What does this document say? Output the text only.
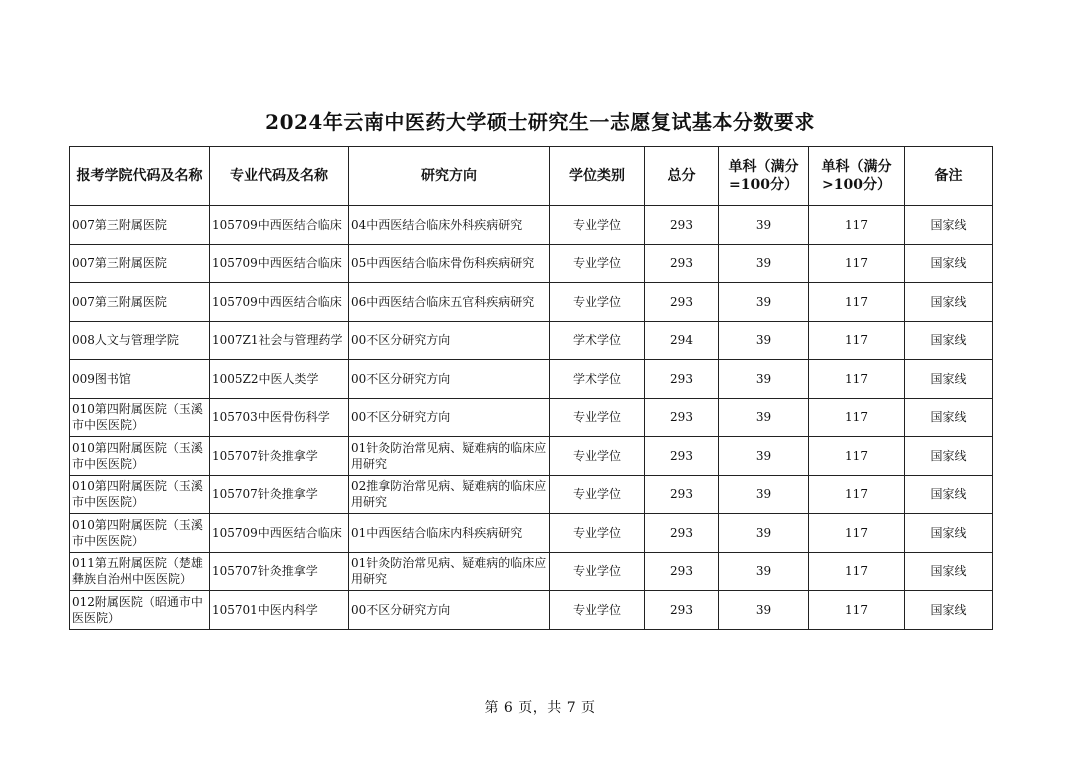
2024年云南中医药大学硕士研究生一志愿复试基本分数要求
报考学院代码及名称	专业代码及名称	研究方向	学位类别	总分	单科（满分=100分）	单科（满分>100分）	备注
007第三附属医院	105709中西医结合临床	04中西医结合临床外科疾病研究	专业学位	293	39	117	国家线
007第三附属医院	105709中西医结合临床	05中西医结合临床骨伤科疾病研究	专业学位	293	39	117	国家线
007第三附属医院	105709中西医结合临床	06中西医结合临床五官科疾病研究	专业学位	293	39	117	国家线
008人文与管理学院	1007Z1社会与管理药学	00不区分研究方向	学术学位	294	39	117	国家线
009图书馆	1005Z2中医人类学	00不区分研究方向	学术学位	293	39	117	国家线
010第四附属医院（玉溪市中医医院）	105703中医骨伤科学	00不区分研究方向	专业学位	293	39	117	国家线
010第四附属医院（玉溪市中医医院）	105707针灸推拿学	01针灸防治常见病、疑难病的临床应用研究	专业学位	293	39	117	国家线
010第四附属医院（玉溪市中医医院）	105707针灸推拿学	02推拿防治常见病、疑难病的临床应用研究	专业学位	293	39	117	国家线
010第四附属医院（玉溪市中医医院）	105709中西医结合临床	01中西医结合临床内科疾病研究	专业学位	293	39	117	国家线
011第五附属医院（楚雄彝族自治州中医医院）	105707针灸推拿学	01针灸防治常见病、疑难病的临床应用研究	专业学位	293	39	117	国家线
012附属医院（昭通市中医医院）	105701中医内科学	00不区分研究方向	专业学位	293	39	117	国家线
第 6 页，共 7 页
